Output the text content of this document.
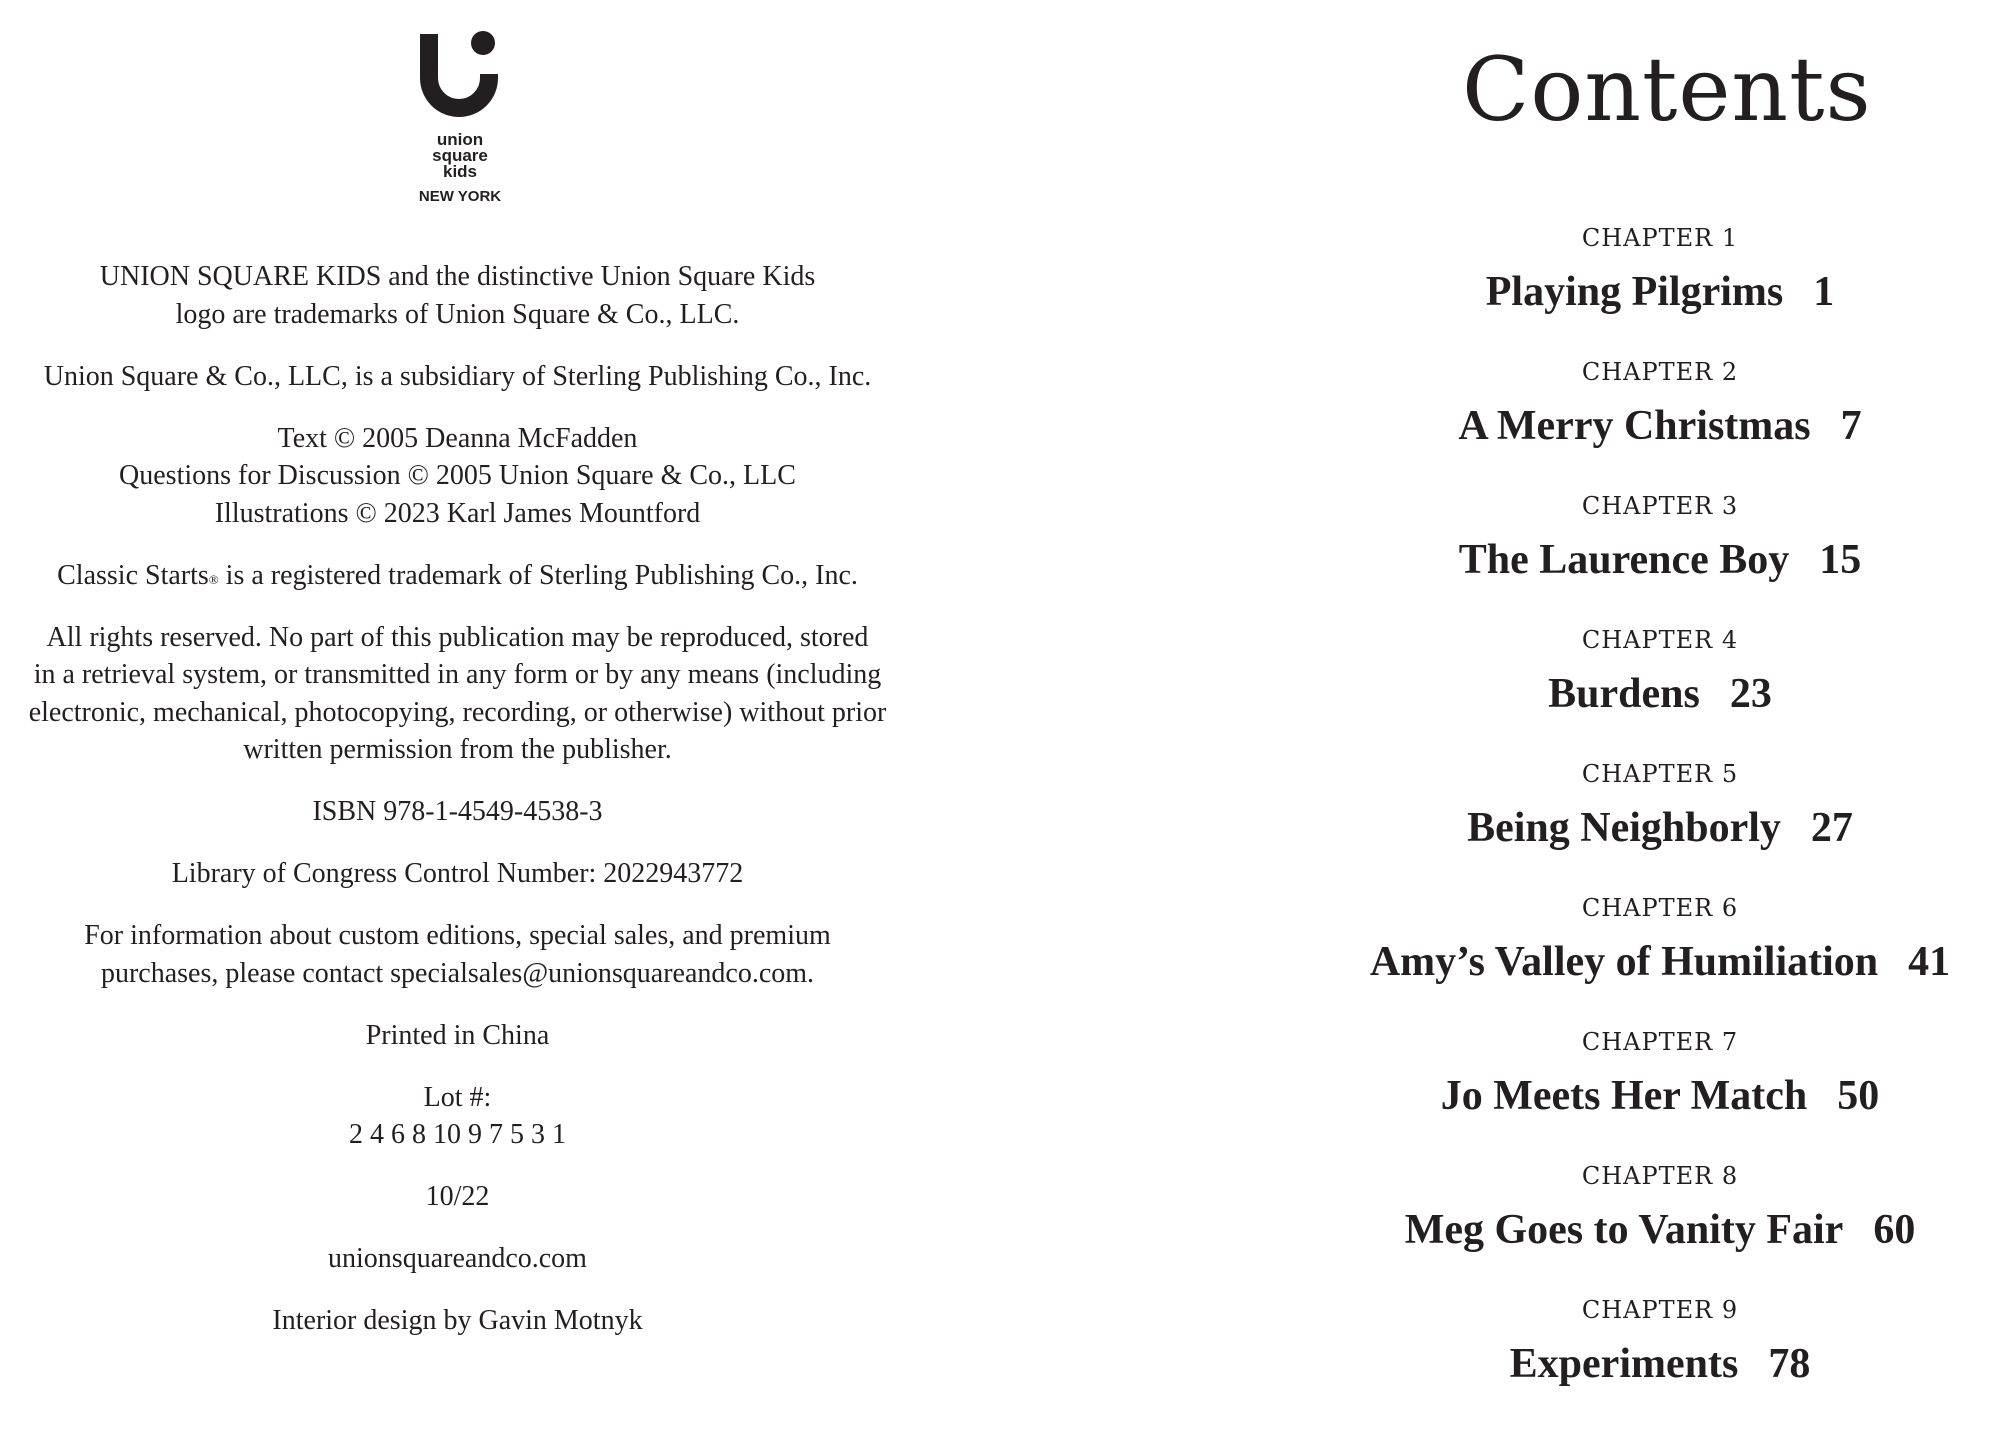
union
square
kids
NEW YORK
UNION SQUARE KIDS and the distinctive Union Square Kids
logo are trademarks of Union Square & Co., LLC.
Union Square & Co., LLC, is a subsidiary of Sterling Publishing Co., Inc.
Text © 2005 Deanna McFadden
Questions for Discussion © 2005 Union Square & Co., LLC
Illustrations © 2023 Karl James Mountford
Classic Starts® is a registered trademark of Sterling Publishing Co., Inc.
All rights reserved. No part of this publication may be reproduced, stored
in a retrieval system, or transmitted in any form or by any means (including
electronic, mechanical, photocopying, recording, or otherwise) without prior
written permission from the publisher.
ISBN 978-1-4549-4538-3
Library of Congress Control Number: 2022943772
For information about custom editions, special sales, and premium
purchases, please contact specialsales@unionsquareandco.com.
Printed in China
Lot #:
2 4 6 8 10 9 7 5 3 1
10/22
unionsquareandco.com
Interior design by Gavin Motnyk
Contents
CHAPTER 1
Playing Pilgrims 1
CHAPTER 2
A Merry Christmas 7
CHAPTER 3
The Laurence Boy 15
CHAPTER 4
Burdens 23
CHAPTER 5
Being Neighborly 27
CHAPTER 6
Amy’s Valley of Humiliation 41
CHAPTER 7
Jo Meets Her Match 50
CHAPTER 8
Meg Goes to Vanity Fair 60
CHAPTER 9
Experiments 78
